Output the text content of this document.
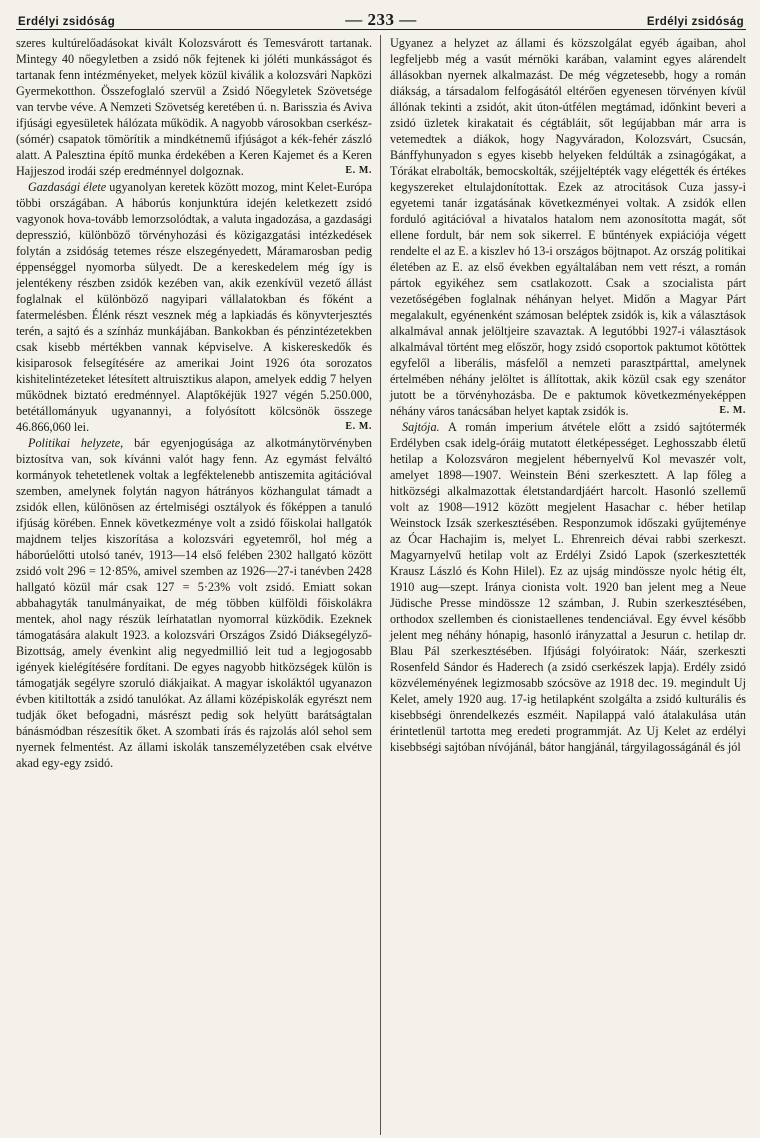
Erdélyi zsidóság	— 233 —	Erdélyi zsidóság

szeres kultúrelőadásokat kivált Kolozsvárott és Temesvárott tartanak. Mintegy 40 nőegyletben a zsidó nők fejtenek ki jóléti munkásságot és tartanak fenn intézményeket, melyek közül kiválik a kolozsvári Napközi Gyermekotthon. Összefoglaló szervül a Zsidó Nőegyletek Szövetsége van tervbe véve. A Nemzeti Szövetség keretében ú. n. Barisszia és Aviva ifjúsági egyesületek hálózata működik. A nagyobb városokban cserkész-(sómér) csapatok tömörítik a mindkétnemű ifjúságot a kék-fehér zászló alatt. A Palesztina építő munka érdekében a Keren Kajemet és a Keren Hajjeszod irodái szép eredménnyel dolgoznak.	E. M.

Gazdasági élete ugyanolyan keretek között mozog, mint Kelet-Európa többi országában. A háborús konjunktúra idején keletkezett zsidó vagyonok hova-tovább lemorzsolódtak, a valuta ingadozása, a gazdasági depresszió, különböző törvényhozási és közigazgatási intézkedések folytán a zsidóság tetemes része elszegényedett, Máramarosban pedig éppenséggel nyomorba sülyedt. De a kereskedelem még így is jelentékeny részben zsidók kezében van, akik ezenkívül vezető állást foglalnak el különböző nagyipari vállalatokban és főként a fatermelésben. Élénk részt vesznek még a lapkiadás és könyvterjesztés terén, a sajtó és a színház munkájában. Bankokban és pénzintézetekben csak kisebb mértékben vannak képviselve. A kiskereskedők és kisiparosok felsegítésére az amerikai Joint 1926 óta sorozatos kishitelintézeteket létesített altruisztikus alapon, amelyek eddig 7 helyen működnek biztató eredménnyel. Alaptőkéjük 1927 végén 5.250.000, betétállományuk ugyanannyi, a folyósított kölcsönök összege 46.866,060 lei.	E. M.

Politikai helyzete, bár egyenjogúsága az alkotmánytörvényben biztosítva van, sok kívánni valót hagy fenn. Az egymást felváltó kormányok tehetetlenek voltak a legféktelenebb antiszemita agitációval szemben, amelynek folytán nagyon hátrányos közhangulat támadt a zsidók ellen, különösen az értelmiségi osztályok és főképpen a tanuló ifjúság körében. Ennek következménye volt a zsidó főiskolai hallgatók majdnem teljes kiszorítása a kolozsvári egyetemről, hol még a háborúelőtti utolsó tanév, 1913—14 első felében 2302 hallgató között zsidó volt 296 = 12·85%, amivel szemben az 1926—27-i tanévben 2428 hallgató közül már csak 127 = 5·23% volt zsidó. Emiatt sokan abbahagyták tanulmányaikat, de még többen külföldi főiskolákra mentek, ahol nagy részük leírhatatlan nyomorral küzködik. Ezeknek támogatására alakult 1923. a kolozsvári Országos Zsidó Diáksegélyző-Bizottság, amely évenkint alig negyedmillió leit tud a legjogosabb igények kielégítésére fordítani. De egyes nagyobb hitközségek külön is támogatják segélyre szoruló diákjaikat. A magyar iskoláktól ugyanazon évben kitiltották a zsidó tanulókat. Az állami középiskolák egyrészt nem tudják őket befogadni, másrészt pedig sok helyütt barátságtalan bánásmódban részesítik őket. A szombati írás és rajzolás alól sehol sem nyernek felmentést. Az állami iskolák tanszemélyzetében csak elvétve akad egy-egy zsidó.

Ugyanez a helyzet az állami és közszolgálat egyéb ágaiban, ahol legfeljebb még a vasút mérnöki karában, valamint egyes alárendelt állásokban nyernek alkalmazást. De még végzetesebb, hogy a román diákság, a társadalom felfogásától eltérően egyenesen törvényen kívül állónak tekinti a zsidót, akit úton-útfélen megtámad, időnkint beveri a zsidó üzletek kirakatait és cégtábláit, sőt legújabban már arra is vetemedtek a diákok, hogy Nagyváradon, Kolozsvárt, Csucsán, Bánffyhunyadon s egyes kisebb helyeken feldúlták a zsinagógákat, a Tórákat elrabolták, bemocskolták, széjjeltépték vagy elégették és értékes kegyszereket eltulajdonítottak. Ezek az atrocitások Cuza jassy-i egyetemi tanár izgatásának következményei voltak. A zsidók ellen forduló agitációval a hivatalos hatalom nem azonosította magát, sőt ellene fordult, bár nem sok sikerrel. E bűntények expiációja végett rendelte el az E. a kiszlev hó 13-i országos böjtnapot. Az ország politikai életében az E. az első években egyáltalában nem vett részt, a román pártok egyikéhez sem csatlakozott. Csak a szocialista párt vezetőségében foglalnak néhányan helyet. Midőn a Magyar Párt megalakult, egyénenként számosan beléptek zsidók is, kik a választások alkalmával annak jelöltjeire szavaztak. A legutóbbi 1927-i választások alkalmával történt meg először, hogy zsidó csoportok paktumot kötöttek egyfelől a liberális, másfelől a nemzeti parasztpárttal, amelynek értelmében néhány jelöltet is állítottak, akik közül csak egy szenátor jutott be a törvényhozásba. De e paktumok következményeképpen néhány város tanácsában helyet kaptak zsidók is.	E. M.

Sajtója. A román imperium átvétele előtt a zsidó sajtótermék Erdélyben csak idelg-óráig mutatott életképességet. Leghosszabb életű hetilap a Kolozsváron megjelent hébernyelvű Kol mevaszér volt, amelyet 1898—1907. Weinstein Béni szerkesztett. A lap főleg a hitközségi alkalmazottak életstandardjáért harcolt. Hasonló szellemű volt az 1908—1912 között megjelent Hasachar c. héber hetilap Weinstock Izsák szerkesztésében. Responzumok időszaki gyűjteménye az Ócar Hachajim is, melyet L. Ehrenreich dévai rabbi szerkeszt. Magyarnyelvű hetilap volt az Erdélyi Zsidó Lapok (szerkesztették Krausz László és Kohn Hilel). Ez az ujság mindössze nyolc hétig élt, 1910 aug—szept. Iránya cionista volt. 1920 ban jelent meg a Neue Jüdische Presse mindössze 12 számban, J. Rubin szerkesztésében, orthodox szellemben és cionistaellenes tendenciával. Egy évvel később jelent meg néhány hónapig, hasonló irányzattal a Jesurun c. hetilap dr. Blau Pál szerkesztésében. Ifjúsági folyóiratok: Náár, szerkeszti Rosenfeld Sándor és Haderech (a zsidó cserkészek lapja). Erdély zsidó közvéleményének legizmosabb szócsöve az 1918 dec. 19. megindult Uj Kelet, amely 1920 aug. 17-ig hetilapként szolgálta a zsidó kulturális és kisebbségi önrendelkezés eszméit. Napilappá való átalakulása után érintetlenül tartotta meg eredeti programmját. Az Uj Kelet az erdélyi kisebbségi sajtóban nívójánál, bátor hangjánál, tárgyilagosságánál és jól
